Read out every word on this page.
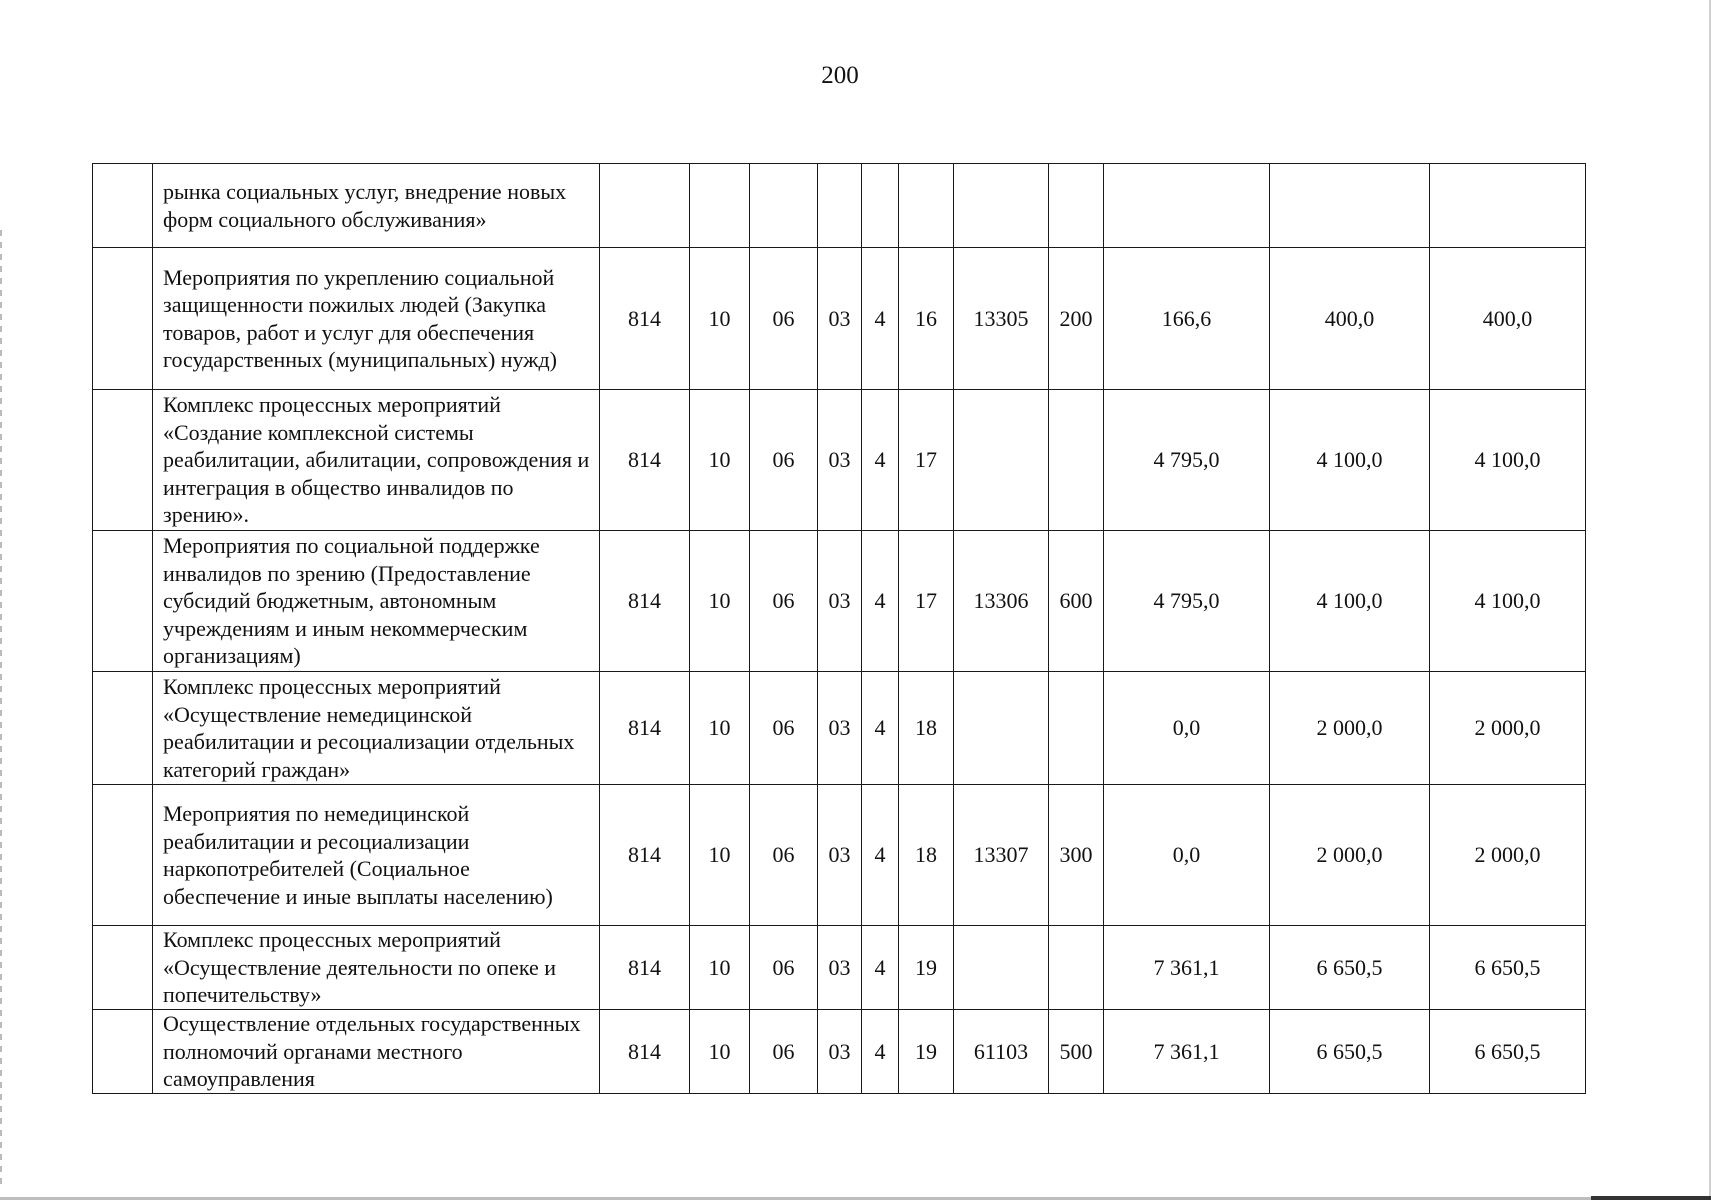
200
	рынка социальных услуг, внедрение новых форм социального обслуживания»											
	Мероприятия по укреплению социальной защищенности пожилых людей (Закупка товаров, работ и услуг для обеспечения государственных (муниципальных) нужд)	814	10	06	03	4	16	13305	200	166,6	400,0	400,0
	Комплекс процессных мероприятий «Создание комплексной системы реабилитации, абилитации, сопровождения и интеграция в общество инвалидов по зрению».	814	10	06	03	4	17			4 795,0	4 100,0	4 100,0
	Мероприятия по социальной поддержке инвалидов по зрению (Предоставление субсидий бюджетным, автономным учреждениям и иным некоммерческим организациям)	814	10	06	03	4	17	13306	600	4 795,0	4 100,0	4 100,0
	Комплекс процессных мероприятий «Осуществление немедицинской реабилитации и ресоциализации отдельных категорий граждан»	814	10	06	03	4	18			0,0	2 000,0	2 000,0
	Мероприятия по немедицинской реабилитации и ресоциализации наркопотребителей (Социальное обеспечение и иные выплаты населению)	814	10	06	03	4	18	13307	300	0,0	2 000,0	2 000,0
	Комплекс процессных мероприятий «Осуществление деятельности по опеке и попечительству»	814	10	06	03	4	19			7 361,1	6 650,5	6 650,5
	Осуществление отдельных государственных полномочий органами местного самоуправления	814	10	06	03	4	19	61103	500	7 361,1	6 650,5	6 650,5
